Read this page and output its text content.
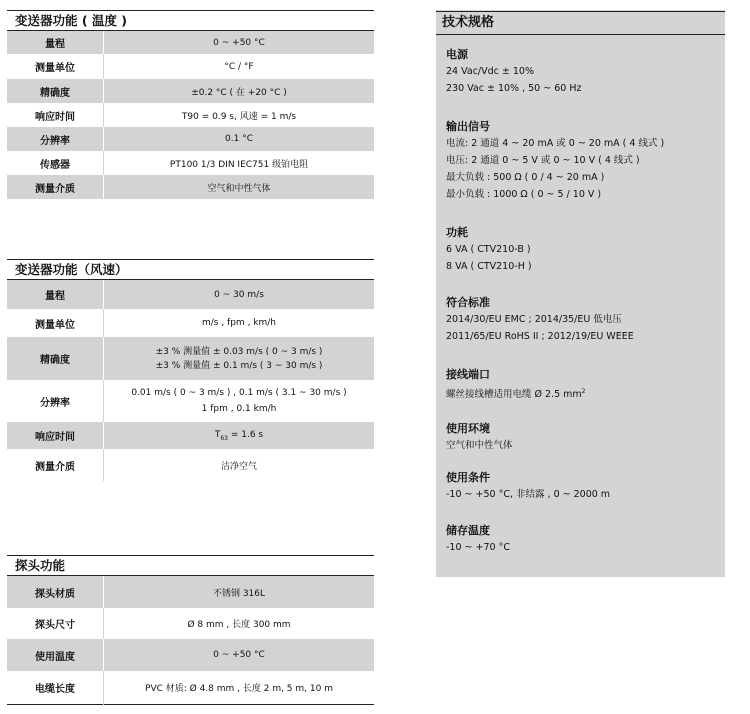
变送器功能 ( 温度 )
量程	0 ~ +50 °C
测量单位	°C / °F
精确度	±0.2 °C ( 在 +20 °C )
响应时间	T90 = 0.9 s, 风速 = 1 m/s
分辨率	0.1 °C
传感器	PT100 1/3 DIN IEC751 级铂电阻
测量介质	空气和中性气体
变送器功能（风速）
量程	0 ~ 30 m/s
测量单位	m/s , fpm , km/h
精确度	±3 % 测量值 ± 0.03 m/s ( 0 ~ 3 m/s )
±3 % 测量值 ± 0.1 m/s ( 3 ~ 30 m/s )

分辨率	0.01 m/s ( 0 ~ 3 m/s ) , 0.1 m/s ( 3.1 ~ 30 m/s )
1 fpm , 0.1 km/h

响应时间	$T_{63} = 1.6$ s
测量介质	洁净空气
探头功能
探头材质	不锈钢 316L
探头尺寸	Ø 8 mm , 长度 300 mm
使用温度	0 ~ +50 °C
电缆长度	PVC 材质: Ø 4.8 mm , 长度 2 m, 5 m, 10 m
技术规格
电源
24 Vac/Vdc ± 10%
230 Vac ± 10% , 50 ~ 60 Hz
输出信号
电流: 2 通道 4 ~ 20 mA 或 0 ~ 20 mA ( 4 线式 )
电压: 2 通道 0 ~ 5 V 或 0 ~ 10 V ( 4 线式 )
最大负载 : 500 Ω ( 0 / 4 ~ 20 mA )
最小负载 : 1000 Ω ( 0 ~ 5 / 10 V )
功耗
6 VA ( CTV210-B )
8 VA ( CTV210-H )
符合标准
2014/30/EU EMC ; 2014/35/EU 低电压
2011/65/EU RoHS II ; 2012/19/EU WEEE
接线端口
螺丝接线槽适用电缆 Ø 2.5 $mm^2$
使用环境
空气和中性气体
使用条件
-10 ~ +50 °C, 非结露 , 0 ~ 2000 m
储存温度
-10 ~ +70 °C
